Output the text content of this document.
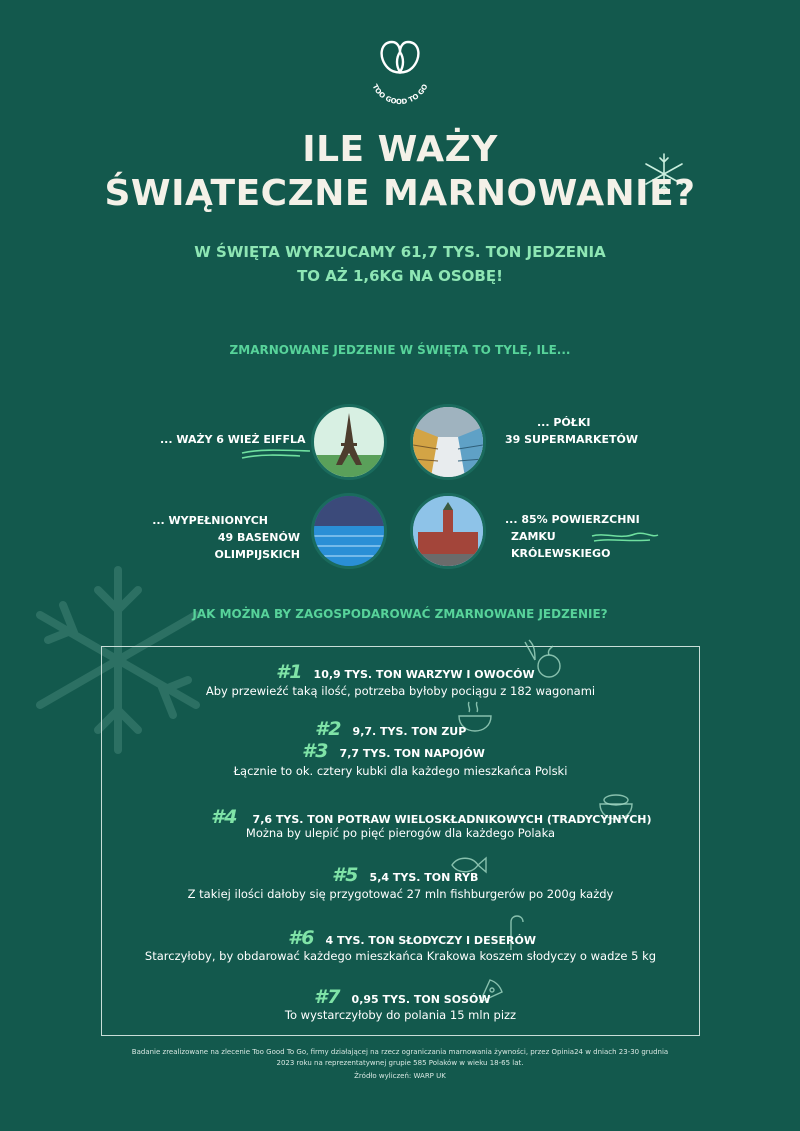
TOO GOOD TO GO
ILE WAŻY
ŚWIĄTECZNE MARNOWANIE?
W ŚWIĘTA WYRZUCAMY 61,7 TYS. TON JEDZENIA
TO AŻ 1,6KG NA OSOBĘ!
ZMARNOWANE JEDZENIE W ŚWIĘTA TO TYLE, ILE...
... WAŻY 6 WIEŻ EIFFLA
... PÓŁKI
39 SUPERMARKETÓW
... WYPEŁNIONYCH
49 BASENÓW OLIMPIJSKICH
... 85% POWIERZCHNI
ZAMKU KRÓLEWSKIEGO
JAK MOŻNA BY ZAGOSPODAROWAĆ ZMARNOWANE JEDZENIE?
#1 10,9 TYS. TON WARZYW I OWOCÓW
Aby przewieźć taką ilość, potrzeba byłoby pociągu z 182 wagonami
#2 9,7. TYS. TON ZUP
#3 7,7 TYS. TON NAPOJÓW
Łącznie to ok. cztery kubki dla każdego mieszkańca Polski
#4 7,6 TYS. TON POTRAW WIELOSKŁADNIKOWYCH (TRADYCYJNYCH)
Można by ulepić po pięć pierogów dla każdego Polaka
#5 5,4 TYS. TON RYB
Z takiej ilości dałoby się przygotować 27 mln fishburgerów po 200g każdy
#6 4 TYS. TON SŁODYCZY I DESERÓW
Starczyłoby, by obdarować każdego mieszkańca Krakowa koszem słodyczy o wadze 5 kg
#7 0,95 TYS. TON SOSÓW
To wystarczyłoby do polania 15 mln pizz
Badanie zrealizowane na zlecenie Too Good To Go, firmy działającej na rzecz ograniczania marnowania żywności, przez Opinia24 w dniach 23-30 grudnia
2023 roku na reprezentatywnej grupie 585 Polaków w wieku 18-65 lat.
Źródło wyliczeń: WARP UK
